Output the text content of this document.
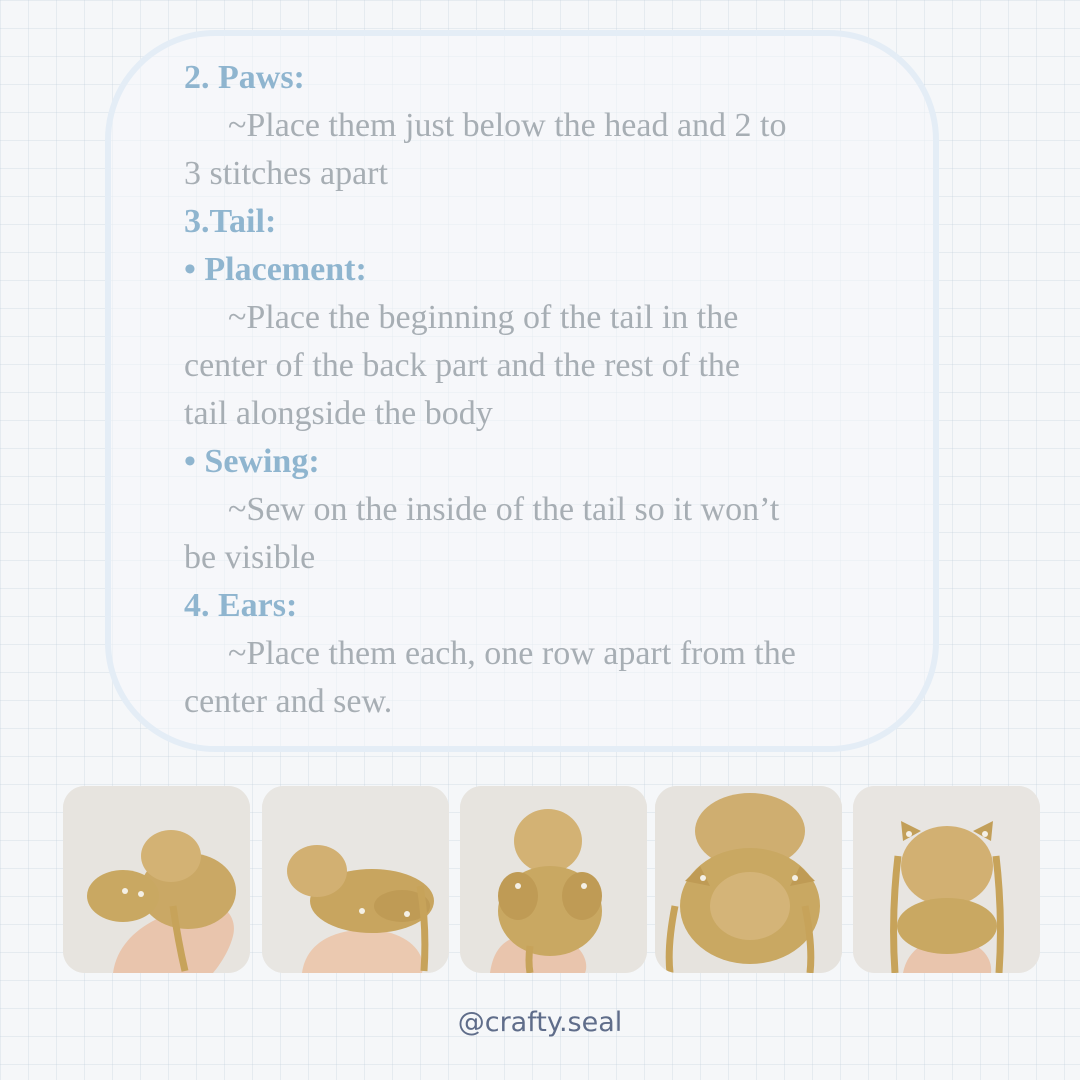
2. Paws:
~Place them just below the head and 2 to
3 stitches apart
3.Tail:
• Placement:
~Place the beginning of the tail in the
center of the back part and the rest of the
tail alongside the body
• Sewing:
~Sew on the inside of the tail so it won’t
be visible
4. Ears:
~Place them each, one row apart from the
center and sew.
@crafty.seal
